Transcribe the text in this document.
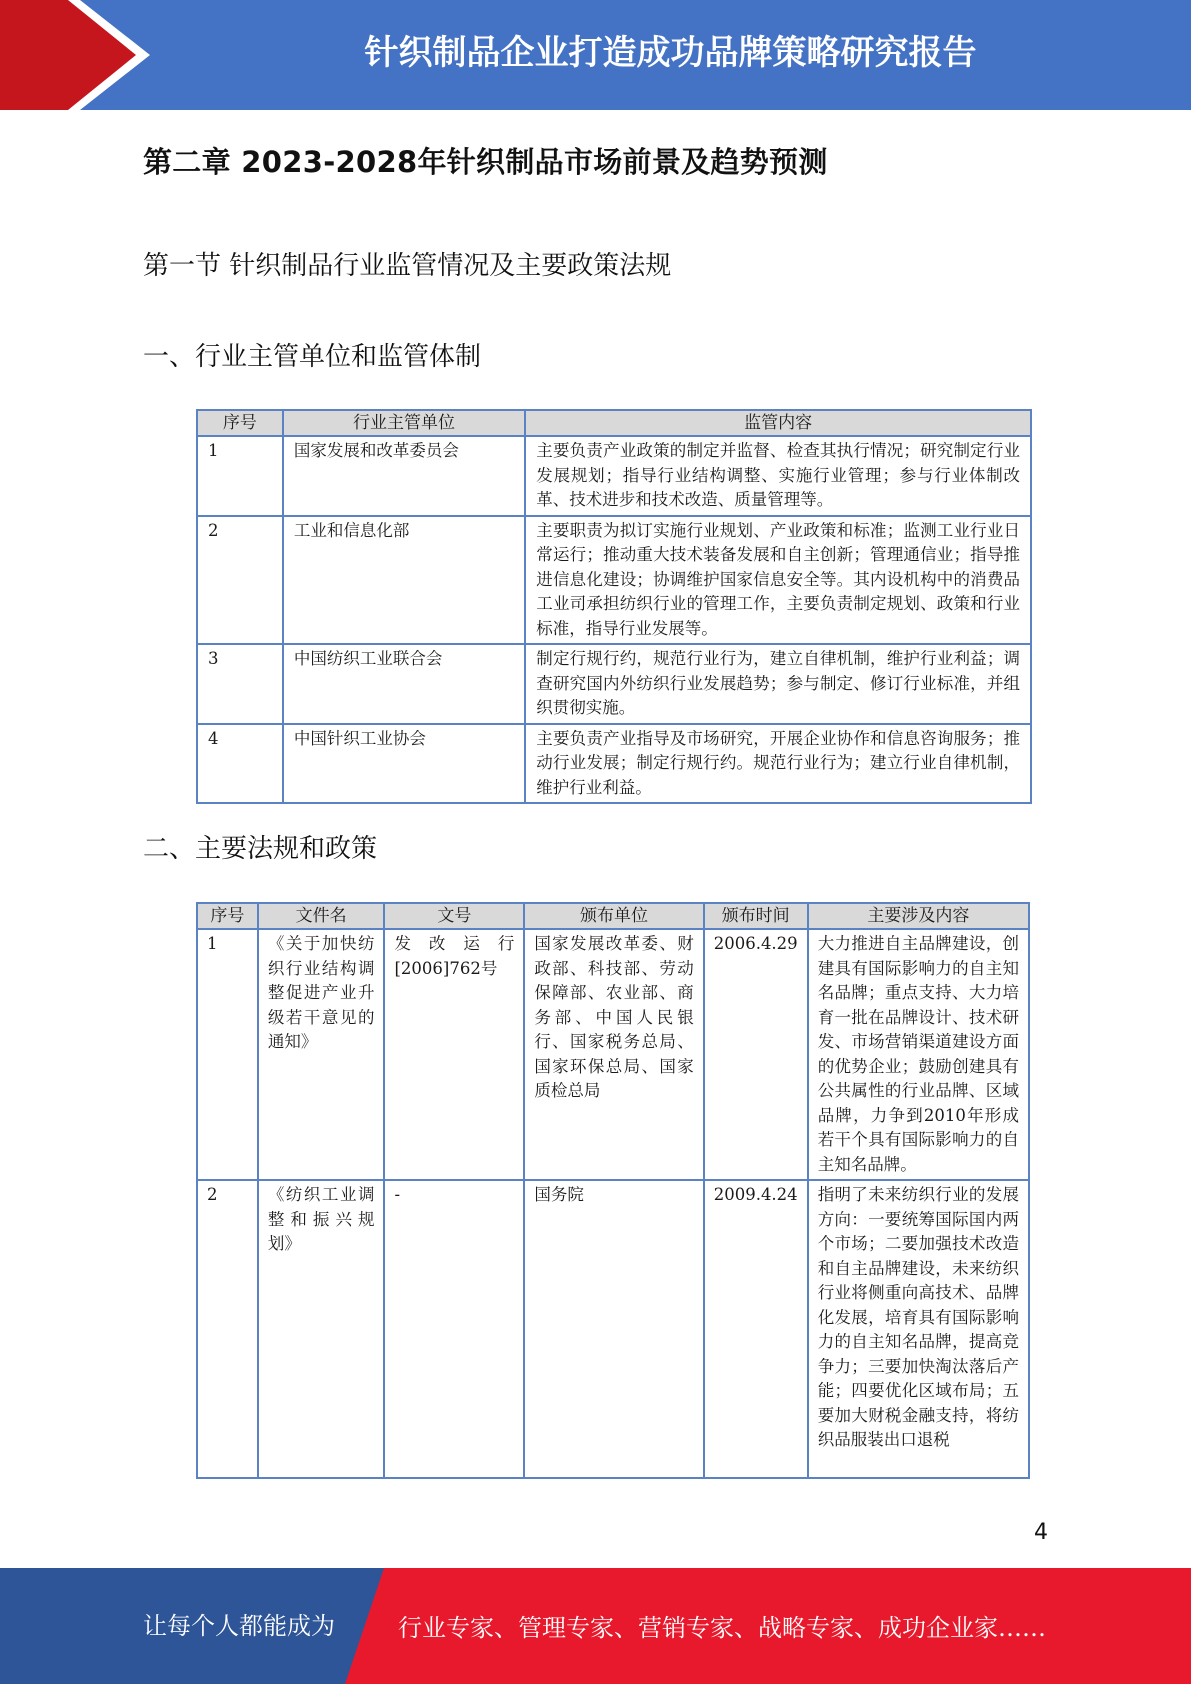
针织制品企业打造成功品牌策略研究报告
第二章 2023-2028年针织制品市场前景及趋势预测
第一节 针织制品行业监管情况及主要政策法规
一、行业主管单位和监管体制
序号	行业主管单位	监管内容
1	国家发展和改革委员会	主要负责产业政策的制定并监督、检查其执行情况；研究制定行业发展规划；指导行业结构调整、实施行业管理；参与行业体制改革、技术进步和技术改造、质量管理等。
2	工业和信息化部	主要职责为拟订实施行业规划、产业政策和标准；监测工业行业日常运行；推动重大技术装备发展和自主创新；管理通信业；指导推进信息化建设；协调维护国家信息安全等。其内设机构中的消费品工业司承担纺织行业的管理工作，主要负责制定规划、政策和行业标准，指导行业发展等。
3	中国纺织工业联合会	制定行规行约，规范行业行为，建立自律机制，维护行业利益；调查研究国内外纺织行业发展趋势；参与制定、修订行业标准，并组织贯彻实施。
4	中国针织工业协会	主要负责产业指导及市场研究，开展企业协作和信息咨询服务；推动行业发展；制定行规行约。规范行业行为；建立行业自律机制，维护行业利益。
二、主要法规和政策
序号	文件名	文号	颁布单位	颁布时间	主要涉及内容
1	《关于加快纺织行业结构调整促进产业升级若干意见的通知》	发改运行[2006]762号	国家发展改革委、财政部、科技部、劳动保障部、农业部、商务部、中国人民银行、国家税务总局、国家环保总局、国家质检总局	2006.4.29	大力推进自主品牌建设，创建具有国际影响力的自主知名品牌；重点支持、大力培育一批在品牌设计、技术研发、市场营销渠道建设方面的优势企业；鼓励创建具有公共属性的行业品牌、区域品牌，力争到2010年形成若干个具有国际影响力的自主知名品牌。
2	《纺织工业调整和振兴规划》	-	国务院	2009.4.24	指明了未来纺织行业的发展方向：一要统筹国际国内两个市场；二要加强技术改造和自主品牌建设，未来纺织行业将侧重向高技术、品牌化发展，培育具有国际影响力的自主知名品牌，提高竞争力；三要加快淘汰落后产能；四要优化区域布局；五要加大财税金融支持，将纺织品服装出口退税
4
让每个人都能成为	行业专家、管理专家、营销专家、战略专家、成功企业家……
